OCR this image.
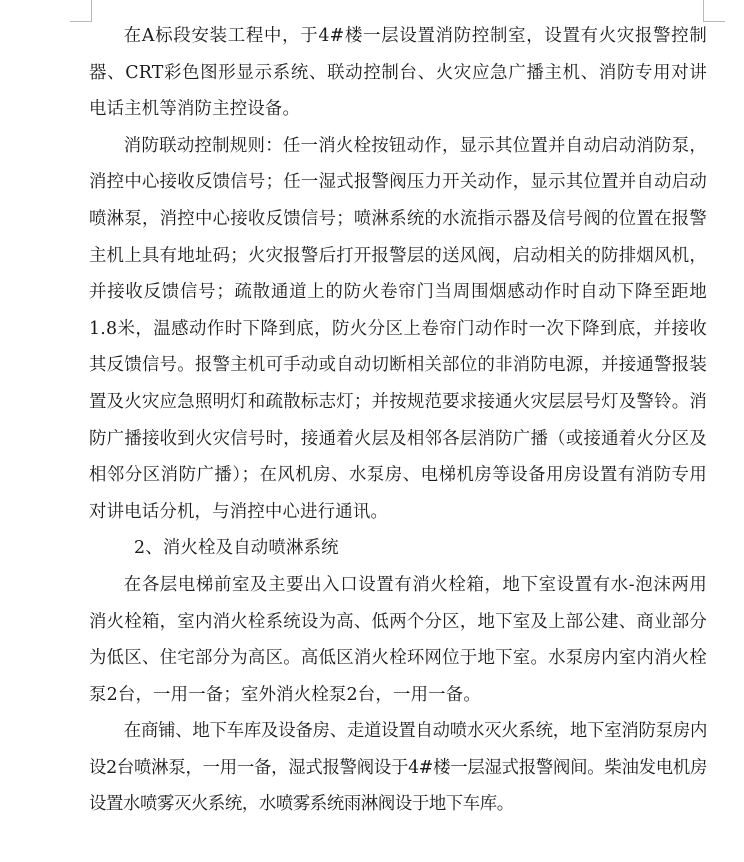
在A标段安装工程中，于4#楼一层设置消防控制室，设置有火灾报警控制器、CRT彩色图形显示系统、联动控制台、火灾应急广播主机、消防专用对讲电话主机等消防主控设备。

消防联动控制规则：任一消火栓按钮动作，显示其位置并自动启动消防泵，消控中心接收反馈信号；任一湿式报警阀压力开关动作，显示其位置并自动启动喷淋泵，消控中心接收反馈信号；喷淋系统的水流指示器及信号阀的位置在报警主机上具有地址码；火灾报警后打开报警层的送风阀，启动相关的防排烟风机，并接收反馈信号；疏散通道上的防火卷帘门当周围烟感动作时自动下降至距地1.8米，温感动作时下降到底，防火分区上卷帘门动作时一次下降到底，并接收其反馈信号。报警主机可手动或自动切断相关部位的非消防电源，并接通警报装置及火灾应急照明灯和疏散标志灯；并按规范要求接通火灾层层号灯及警铃。消防广播接收到火灾信号时，接通着火层及相邻各层消防广播（或接通着火分区及相邻分区消防广播）；在风机房、水泵房、电梯机房等设备用房设置有消防专用对讲电话分机，与消控中心进行通讯。

2、消火栓及自动喷淋系统

在各层电梯前室及主要出入口设置有消火栓箱，地下室设置有水-泡沫两用消火栓箱，室内消火栓系统设为高、低两个分区，地下室及上部公建、商业部分为低区、住宅部分为高区。高低区消火栓环网位于地下室。水泵房内室内消火栓泵2台，一用一备；室外消火栓泵2台，一用一备。

在商铺、地下车库及设备房、走道设置自动喷水灭火系统，地下室消防泵房内设2台喷淋泵，一用一备，湿式报警阀设于4#楼一层湿式报警阀间。柴油发电机房设置水喷雾灭火系统，水喷雾系统雨淋阀设于地下车库。
